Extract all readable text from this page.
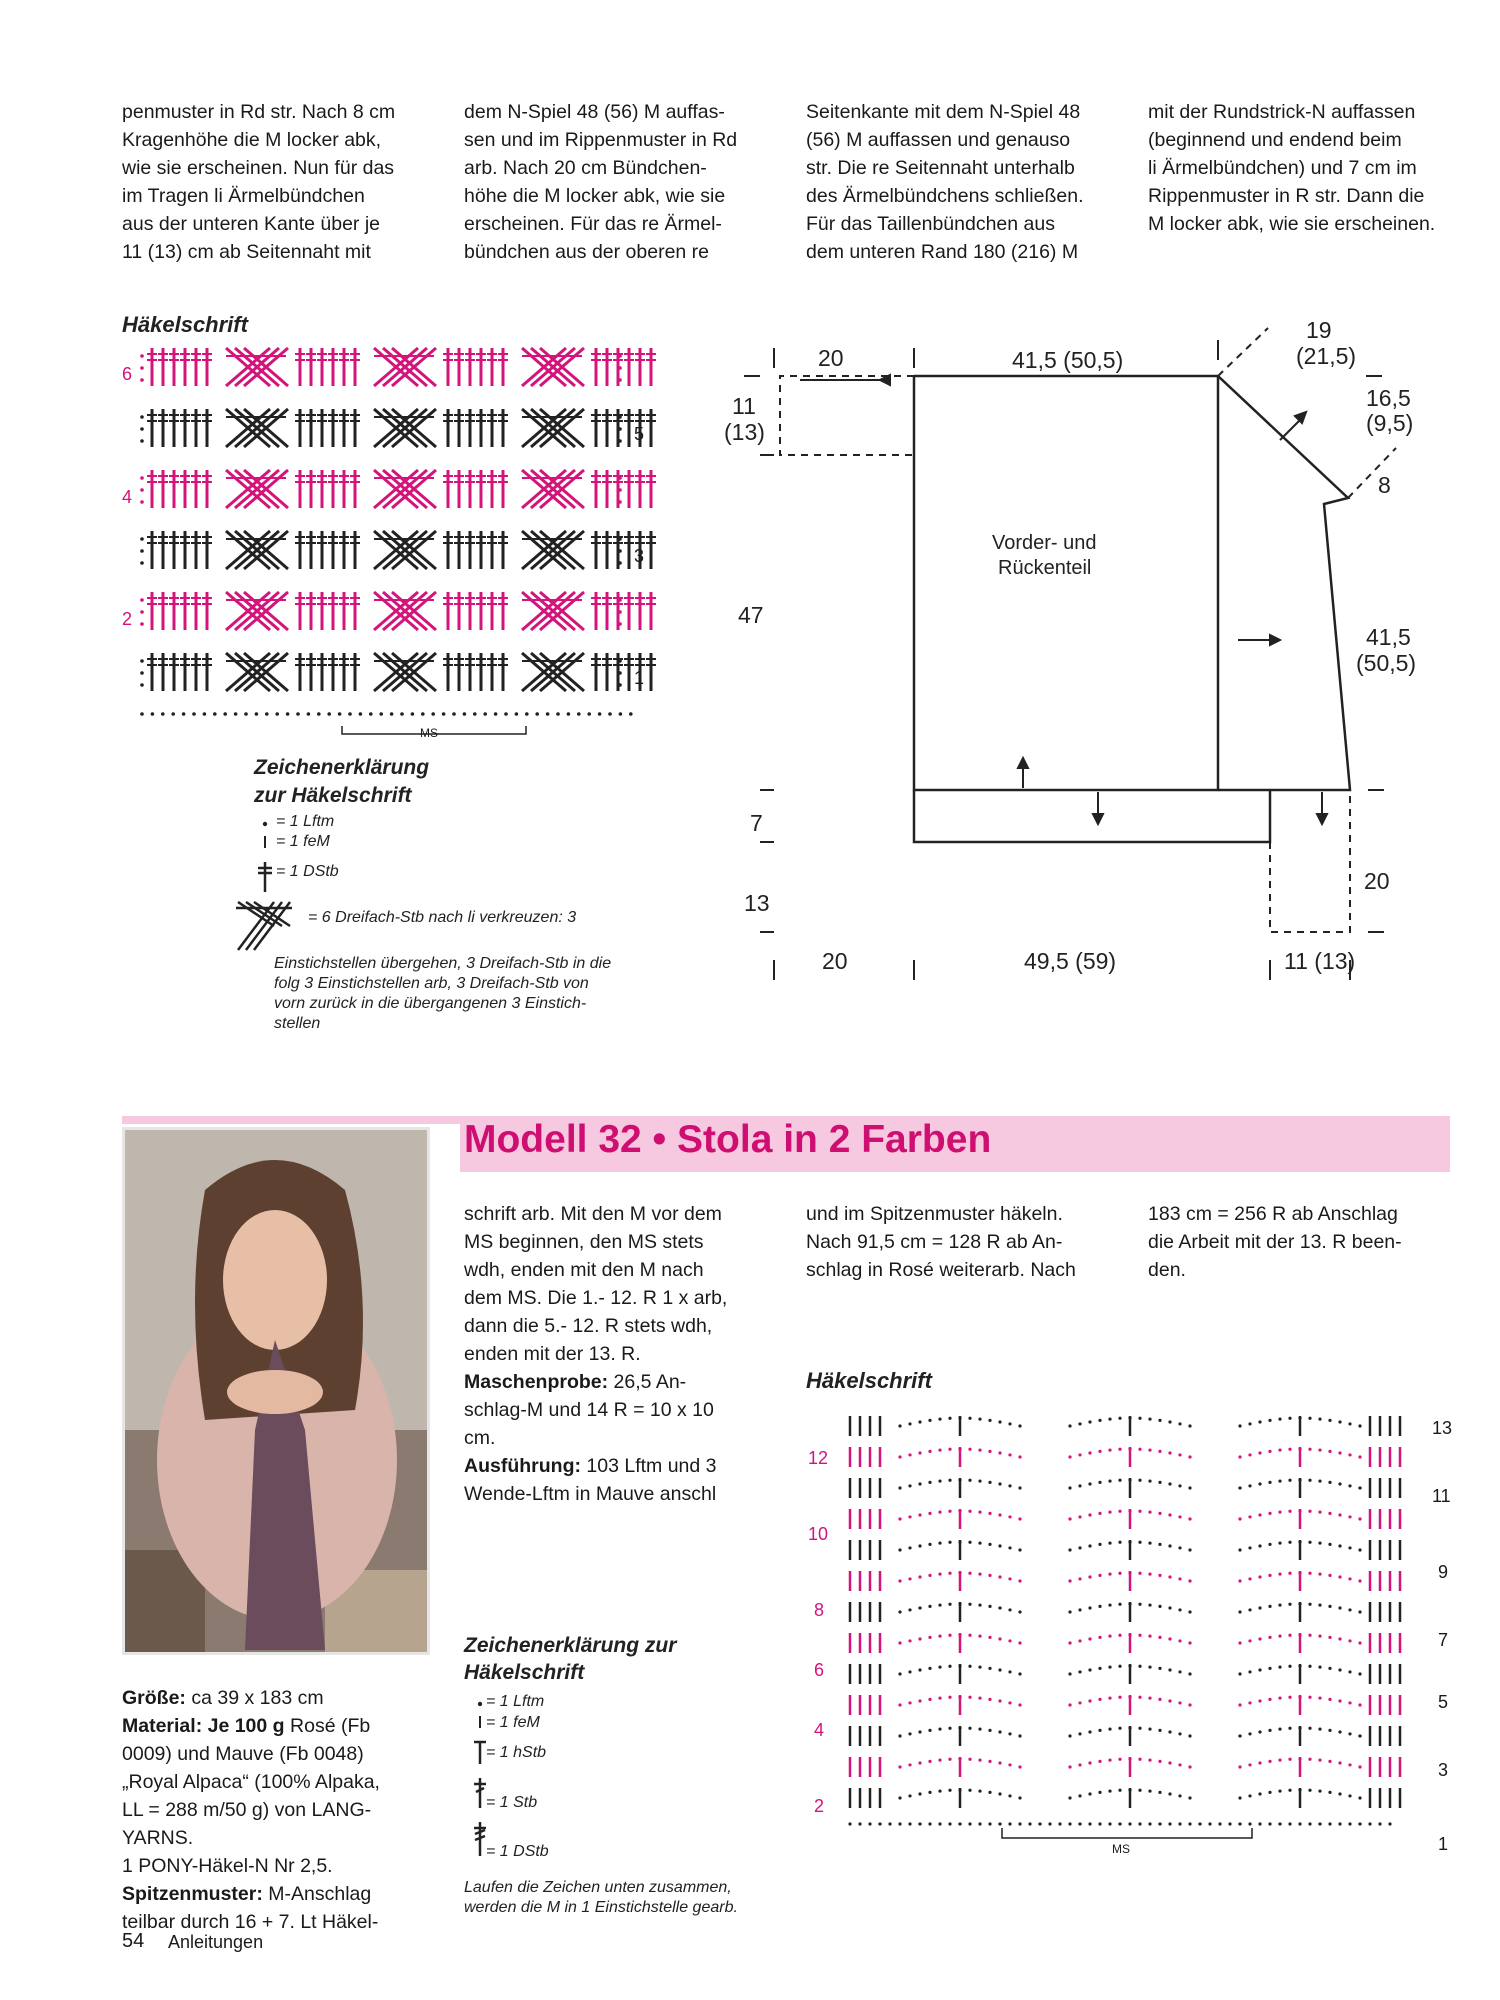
penmuster in Rd str. Nach 8 cm
Kragenhöhe die M locker abk,
wie sie erscheinen. Nun für das
im Tragen li Ärmelbündchen
aus der unteren Kante über je
11 (13) cm ab Seitennaht mit
dem N-Spiel 48 (56) M auffas-
sen und im Rippenmuster in Rd
arb. Nach 20 cm Bündchen-
höhe die M locker abk, wie sie
erscheinen. Für das re Ärmel-
bündchen aus der oberen re
Seitenkante mit dem N-Spiel 48
(56) M auffassen und genauso
str. Die re Seitennaht unterhalb
des Ärmelbündchens schließen.
Für das Taillenbündchen aus
dem unteren Rand 180 (216) M
mit der Rundstrick-N auffassen
(beginnend und endend beim
li Ärmelbündchen) und 7 cm im
Rippenmuster in R str. Dann die
M locker abk, wie sie erscheinen.
Häkelschrift
6
4
2
5
3
1
MS
Zeichenerklärung
zur Häkelschrift
= 1 Lftm
= 1 feM
= 1 DStb
= 6 Dreifach-Stb nach li verkreuzen: 3
Einstichstellen übergehen, 3 Dreifach-Stb in die
folg 3 Einstichstellen arb, 3 Dreifach-Stb von
vorn zurück in die übergangenen 3 Einstich-
stellen
20	41,5 (50,5)
19
(21,5)
16,5
(9,5)
8
11
(13)
47
Vorder- und
Rückenteil
41,5
(50,5)
7
13
20
20	49,5 (59)	11 (13)
Modell 32 • Stola in 2 Farben
Größe: ca 39 x 183 cm
Material: Je 100 g Rosé (Fb
0009) und Mauve (Fb 0048)
„Royal Alpaca“ (100% Alpaka,
LL = 288 m/50 g) von LANG-
YARNS.
1 PONY-Häkel-N Nr 2,5.
Spitzenmuster: M-Anschlag
teilbar durch 16 + 7. Lt Häkel-
schrift arb. Mit den M vor dem
MS beginnen, den MS stets
wdh, enden mit den M nach
dem MS. Die 1.- 12. R 1 x arb,
dann die 5.- 12. R stets wdh,
enden mit der 13. R.
Maschenprobe: 26,5 An-
schlag-M und 14 R = 10 x 10
cm.
Ausführung: 103 Lftm und 3
Wende-Lftm in Mauve anschl
und im Spitzenmuster häkeln.
Nach 91,5 cm = 128 R ab An-
schlag in Rosé weiterarb. Nach
183 cm = 256 R ab Anschlag
die Arbeit mit der 13. R been-
den.
Zeichenerklärung zur
Häkelschrift
= 1 Lftm
= 1 feM
= 1 hStb
= 1 Stb
= 1 DStb
Laufen die Zeichen unten zusammen,
werden die M in 1 Einstichstelle gearb.
Häkelschrift
12
10
8
6
4
2
13
11
9
7
5
3
1
MS
54 Anleitungen
